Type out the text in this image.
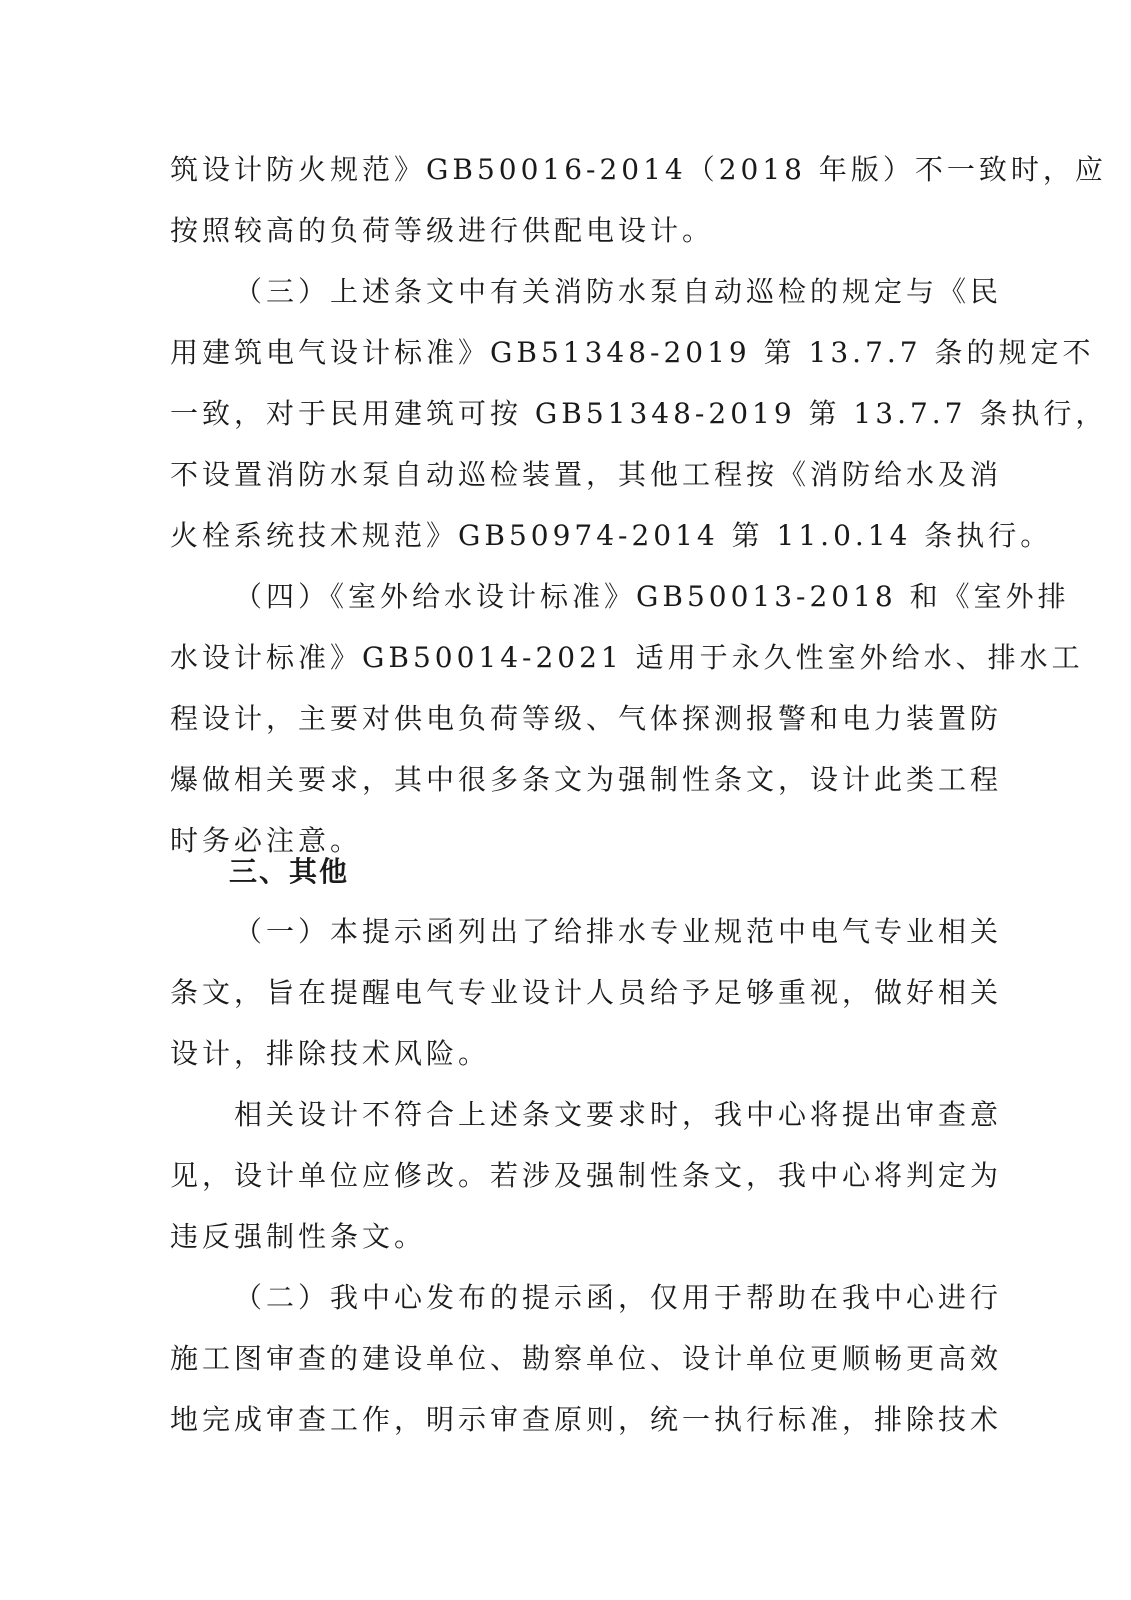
筑设计防火规范》GB50016-2014（2018 年版）不一致时，应
按照较高的负荷等级进行供配电设计。
（三）上述条文中有关消防水泵自动巡检的规定与《民
用建筑电气设计标准》GB51348-2019 第 13.7.7 条的规定不
一致，对于民用建筑可按 GB51348-2019 第 13.7.7 条执行，
不设置消防水泵自动巡检装置，其他工程按《消防给水及消
火栓系统技术规范》GB50974-2014 第 11.0.14 条执行。
（四）《室外给水设计标准》GB50013-2018 和《室外排
水设计标准》GB50014-2021 适用于永久性室外给水、排水工
程设计，主要对供电负荷等级、气体探测报警和电力装置防
爆做相关要求，其中很多条文为强制性条文，设计此类工程
时务必注意。
三、其他
（一）本提示函列出了给排水专业规范中电气专业相关
条文，旨在提醒电气专业设计人员给予足够重视，做好相关
设计，排除技术风险。
相关设计不符合上述条文要求时，我中心将提出审查意
见，设计单位应修改。若涉及强制性条文，我中心将判定为
违反强制性条文。
（二）我中心发布的提示函，仅用于帮助在我中心进行
施工图审查的建设单位、勘察单位、设计单位更顺畅更高效
地完成审查工作，明示审查原则，统一执行标准，排除技术
